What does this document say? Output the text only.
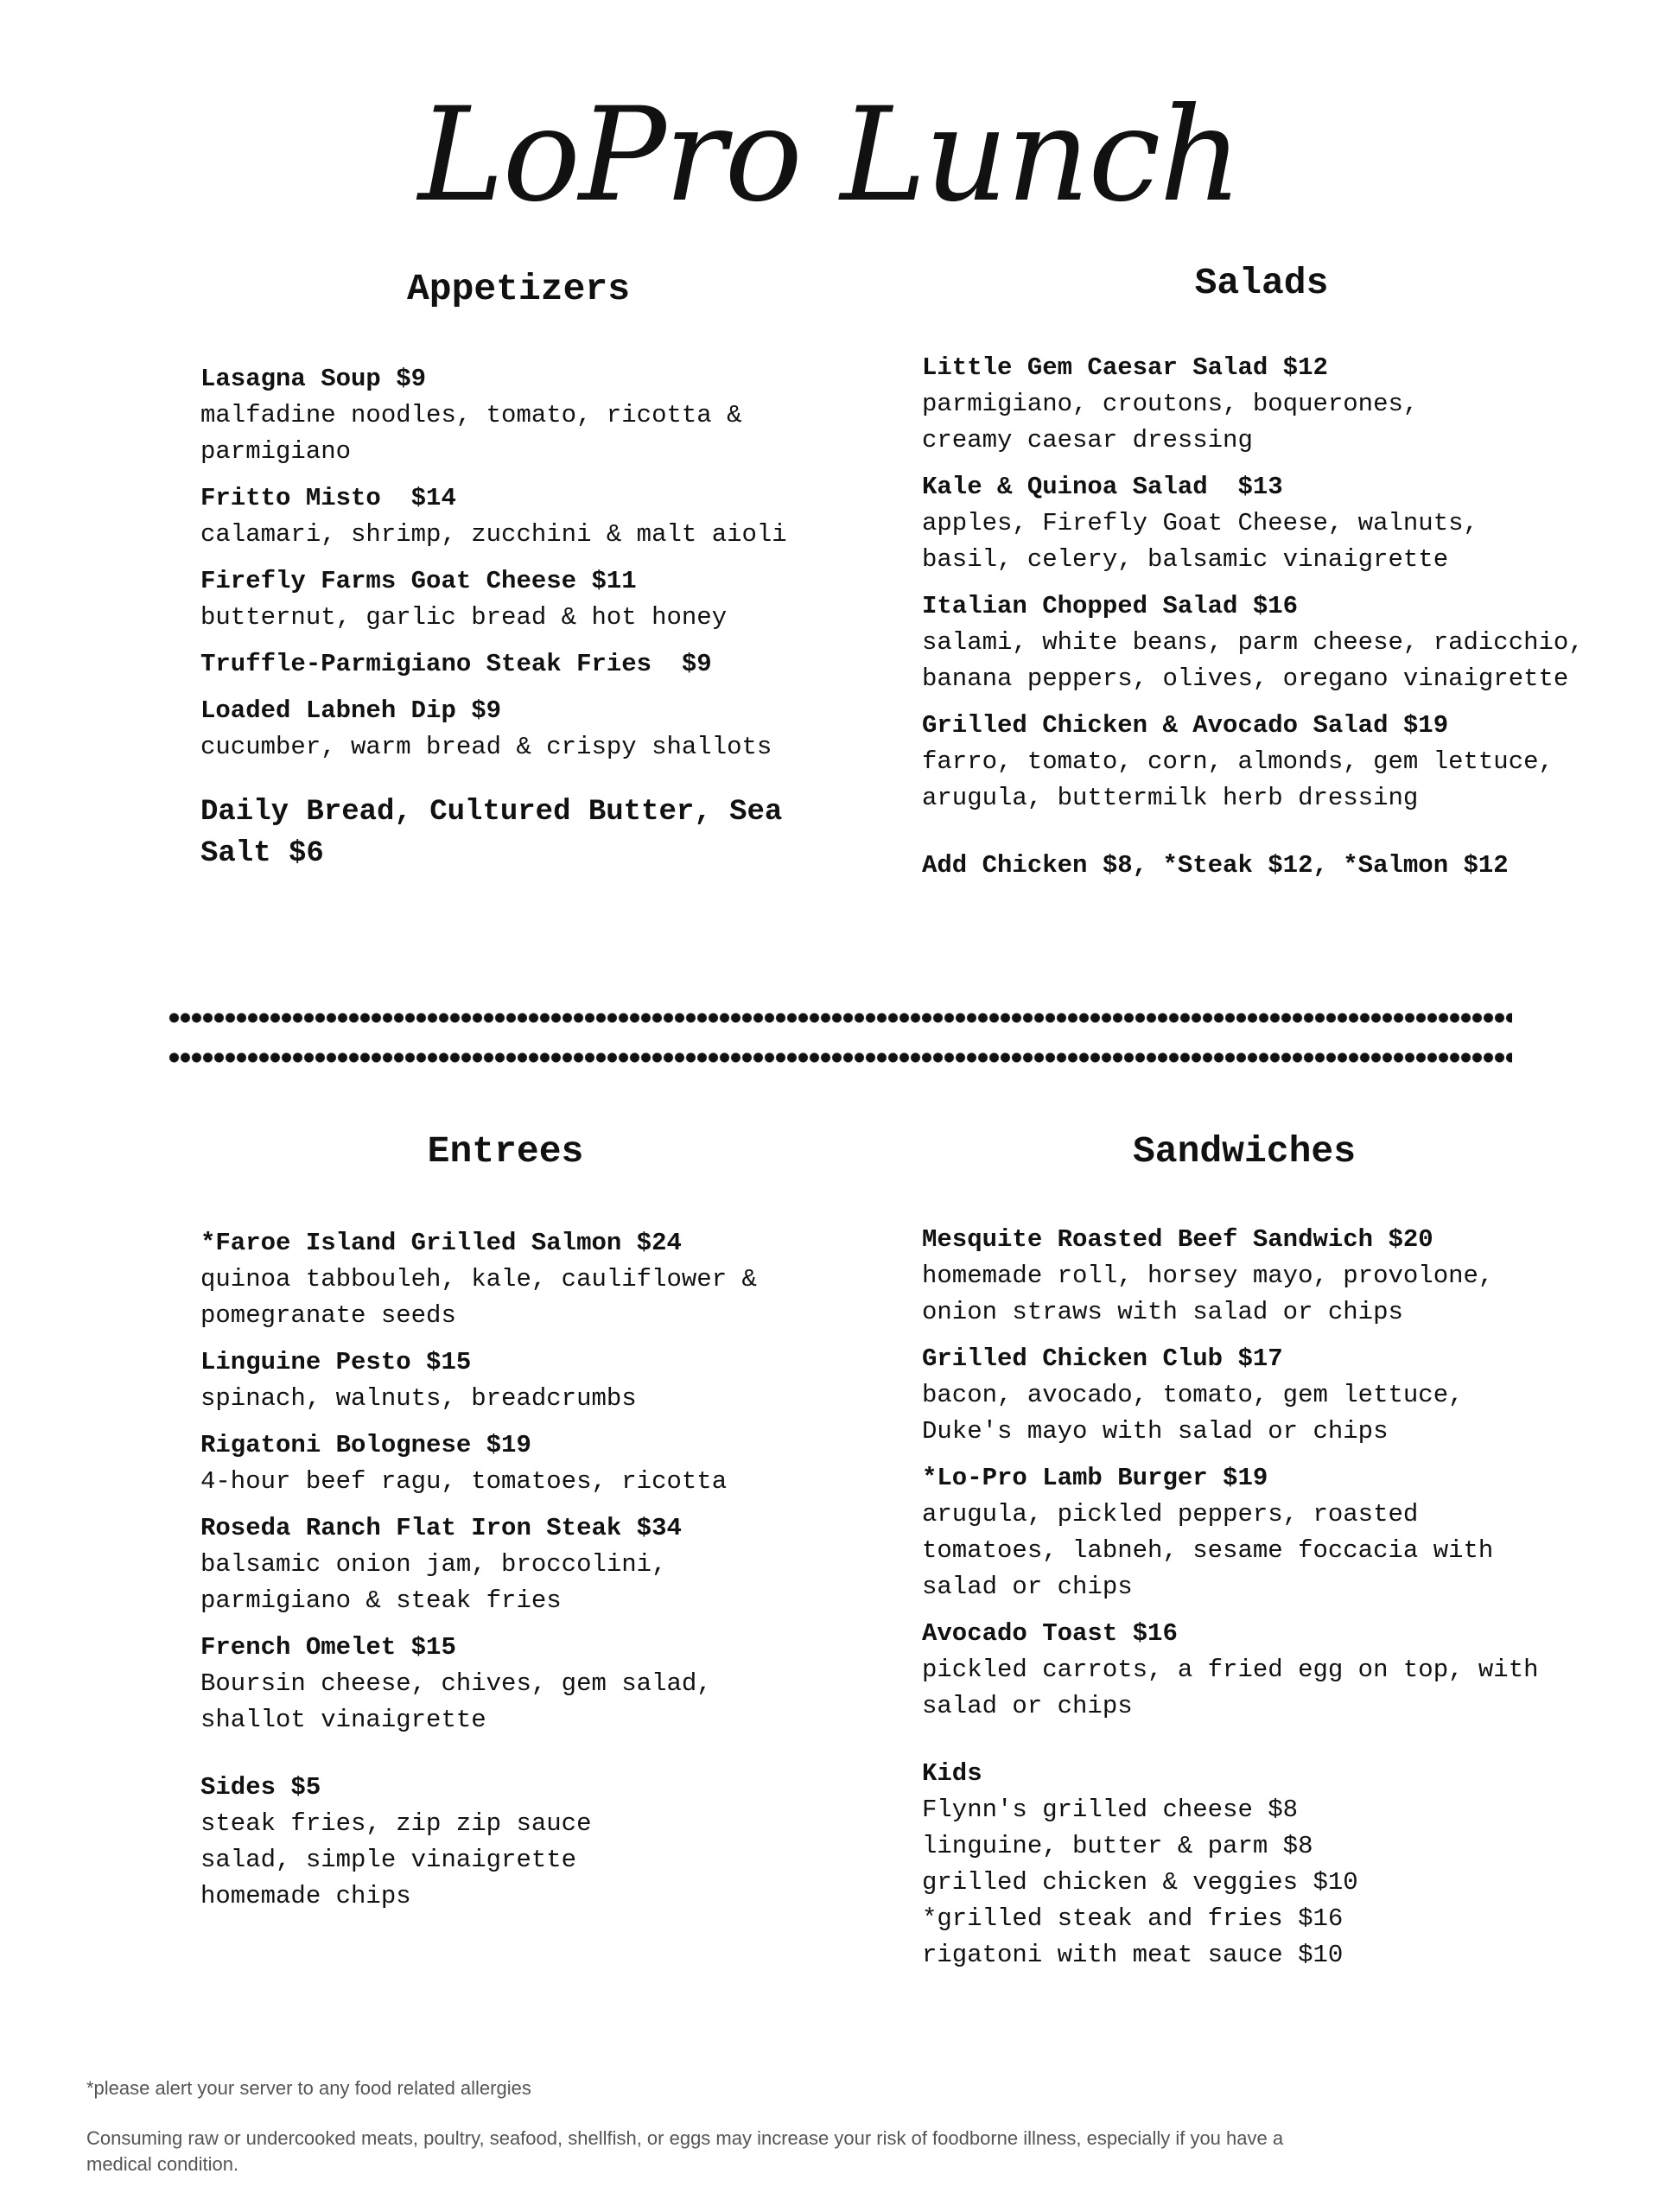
LoPro Lunch
Appetizers
Lasagna Soup $9
malfadine noodles, tomato, ricotta & parmigiano
Fritto Misto  $14
calamari, shrimp, zucchini & malt aioli
Firefly Farms Goat Cheese $11
butternut, garlic bread & hot honey
Truffle-Parmigiano Steak Fries  $9
Loaded Labneh Dip $9
cucumber, warm bread & crispy shallots
Daily Bread, Cultured Butter, Sea Salt $6
Salads
Little Gem Caesar Salad $12
parmigiano, croutons, boquerones, creamy caesar dressing
Kale & Quinoa Salad  $13
apples, Firefly Goat Cheese, walnuts, basil, celery, balsamic vinaigrette
Italian Chopped Salad $16
salami, white beans, parm cheese, radicchio, banana peppers, olives, oregano vinaigrette
Grilled Chicken & Avocado Salad $19
farro, tomato, corn, almonds, gem lettuce, arugula, buttermilk herb dressing
Add Chicken $8, *Steak $12, *Salmon $12
Entrees
*Faroe Island Grilled Salmon $24
quinoa tabbouleh, kale, cauliflower & pomegranate seeds
Linguine Pesto $15
spinach, walnuts, breadcrumbs
Rigatoni Bolognese $19
4-hour beef ragu, tomatoes, ricotta
Roseda Ranch Flat Iron Steak $34
balsamic onion jam, broccolini, parmigiano & steak fries
French Omelet $15
Boursin cheese, chives, gem salad, shallot vinaigrette
Sides $5
steak fries, zip zip sauce
salad, simple vinaigrette
homemade chips
Sandwiches
Mesquite Roasted Beef Sandwich $20
homemade roll, horsey mayo, provolone, onion straws with salad or chips
Grilled Chicken Club $17
bacon, avocado, tomato, gem lettuce, Duke's mayo with salad or chips
*Lo-Pro Lamb Burger $19
arugula, pickled peppers, roasted tomatoes, labneh, sesame foccacia with salad or chips
Avocado Toast $16
pickled carrots, a fried egg on top, with salad or chips
Kids
Flynn's grilled cheese $8
linguine, butter & parm $8
grilled chicken & veggies $10
*grilled steak and fries $16
rigatoni with meat sauce $10
*please alert your server to any food related allergies
Consuming raw or undercooked meats, poultry, seafood, shellfish, or eggs may increase your risk of foodborne illness, especially if you have a medical condition.
